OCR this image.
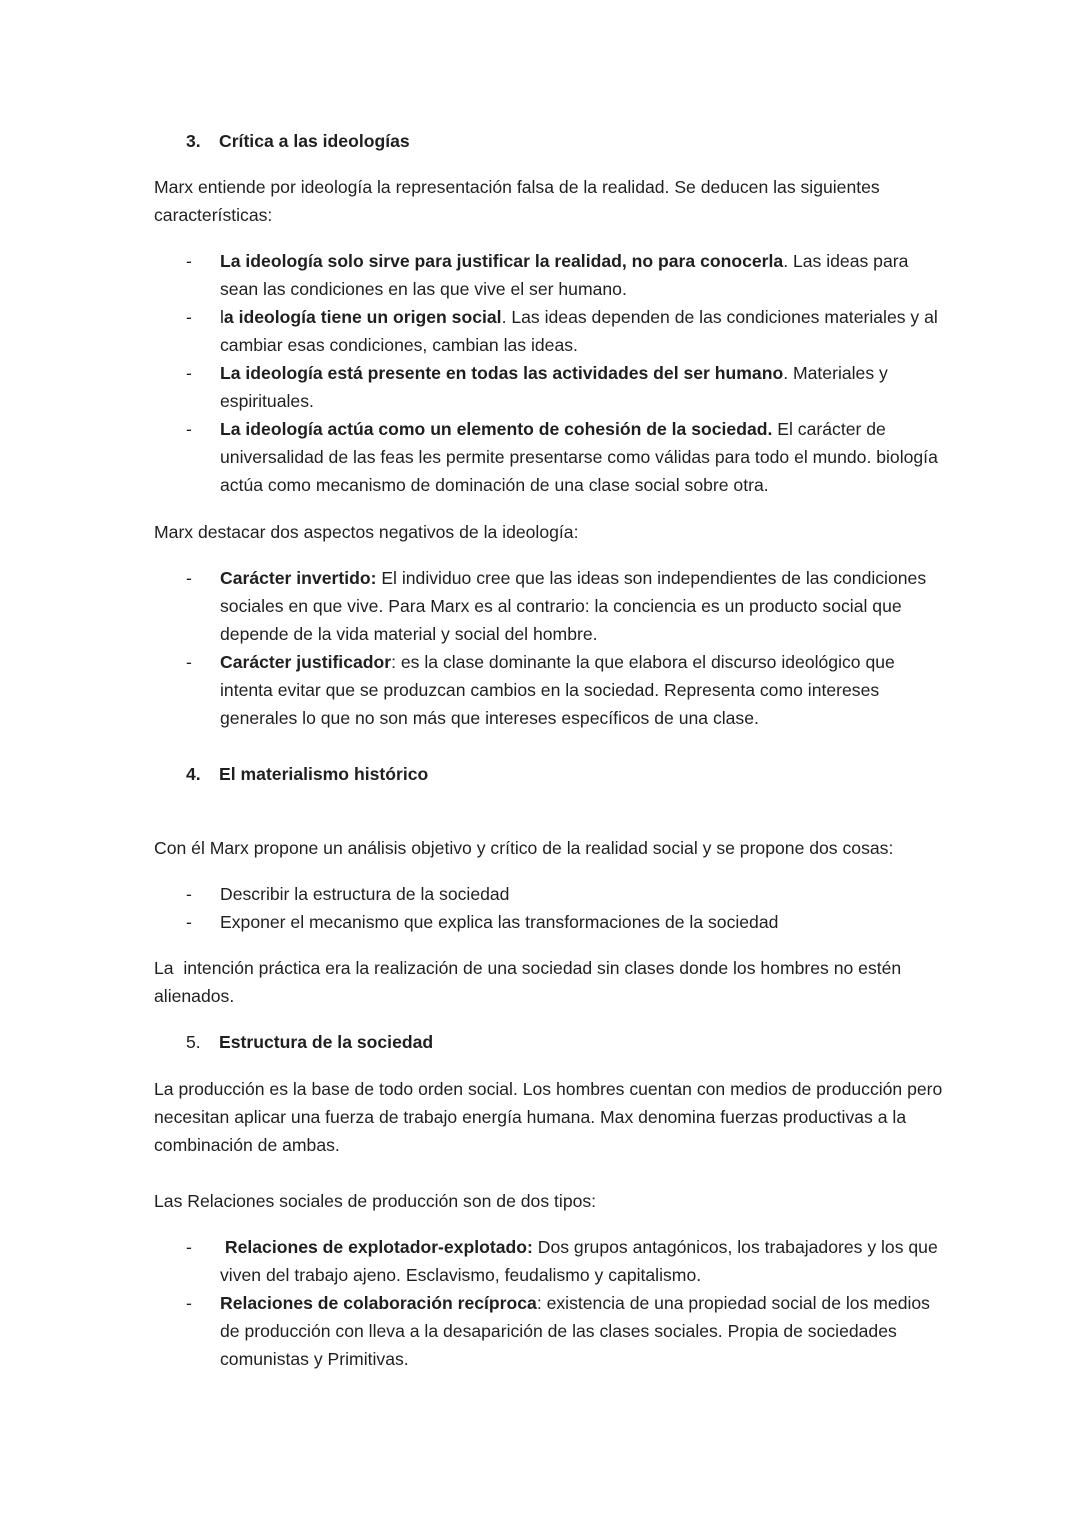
3. Crítica a las ideologías

Marx entiende por ideología la representación falsa de la realidad. Se deducen las siguientes características:

- La ideología solo sirve para justificar la realidad, no para conocerla. Las ideas para sean las condiciones en las que vive el ser humano.
- la ideología tiene un origen social. Las ideas dependen de las condiciones materiales y al cambiar esas condiciones, cambian las ideas.
- La ideología está presente en todas las actividades del ser humano. Materiales y espirituales.
- La ideología actúa como un elemento de cohesión de la sociedad. El carácter de universalidad de las feas les permite presentarse como válidas para todo el mundo. biología actúa como mecanismo de dominación de una clase social sobre otra.

Marx destacar dos aspectos negativos de la ideología:

- Carácter invertido: El individuo cree que las ideas son independientes de las condiciones sociales en que vive. Para Marx es al contrario: la conciencia es un producto social que depende de la vida material y social del hombre.
- Carácter justificador: es la clase dominante la que elabora el discurso ideológico que intenta evitar que se produzcan cambios en la sociedad. Representa como intereses generales lo que no son más que intereses específicos de una clase.
4. El materialismo histórico

Con él Marx propone un análisis objetivo y crítico de la realidad social y se propone dos cosas:

- Describir la estructura de la sociedad
- Exponer el mecanismo que explica las transformaciones de la sociedad

La  intención práctica era la realización de una sociedad sin clases donde los hombres no estén alienados.

5. Estructura de la sociedad

La producción es la base de todo orden social. Los hombres cuentan con medios de producción pero necesitan aplicar una fuerza de trabajo energía humana. Max denomina fuerzas productivas a la combinación de ambas.

Las Relaciones sociales de producción son de dos tipos:

- Relaciones de explotador-explotado: Dos grupos antagónicos, los trabajadores y los que viven del trabajo ajeno. Esclavismo, feudalismo y capitalismo.
- Relaciones de colaboración recíproca: existencia de una propiedad social de los medios de producción con lleva a la desaparición de las clases sociales. Propia de sociedades comunistas y Primitivas.
